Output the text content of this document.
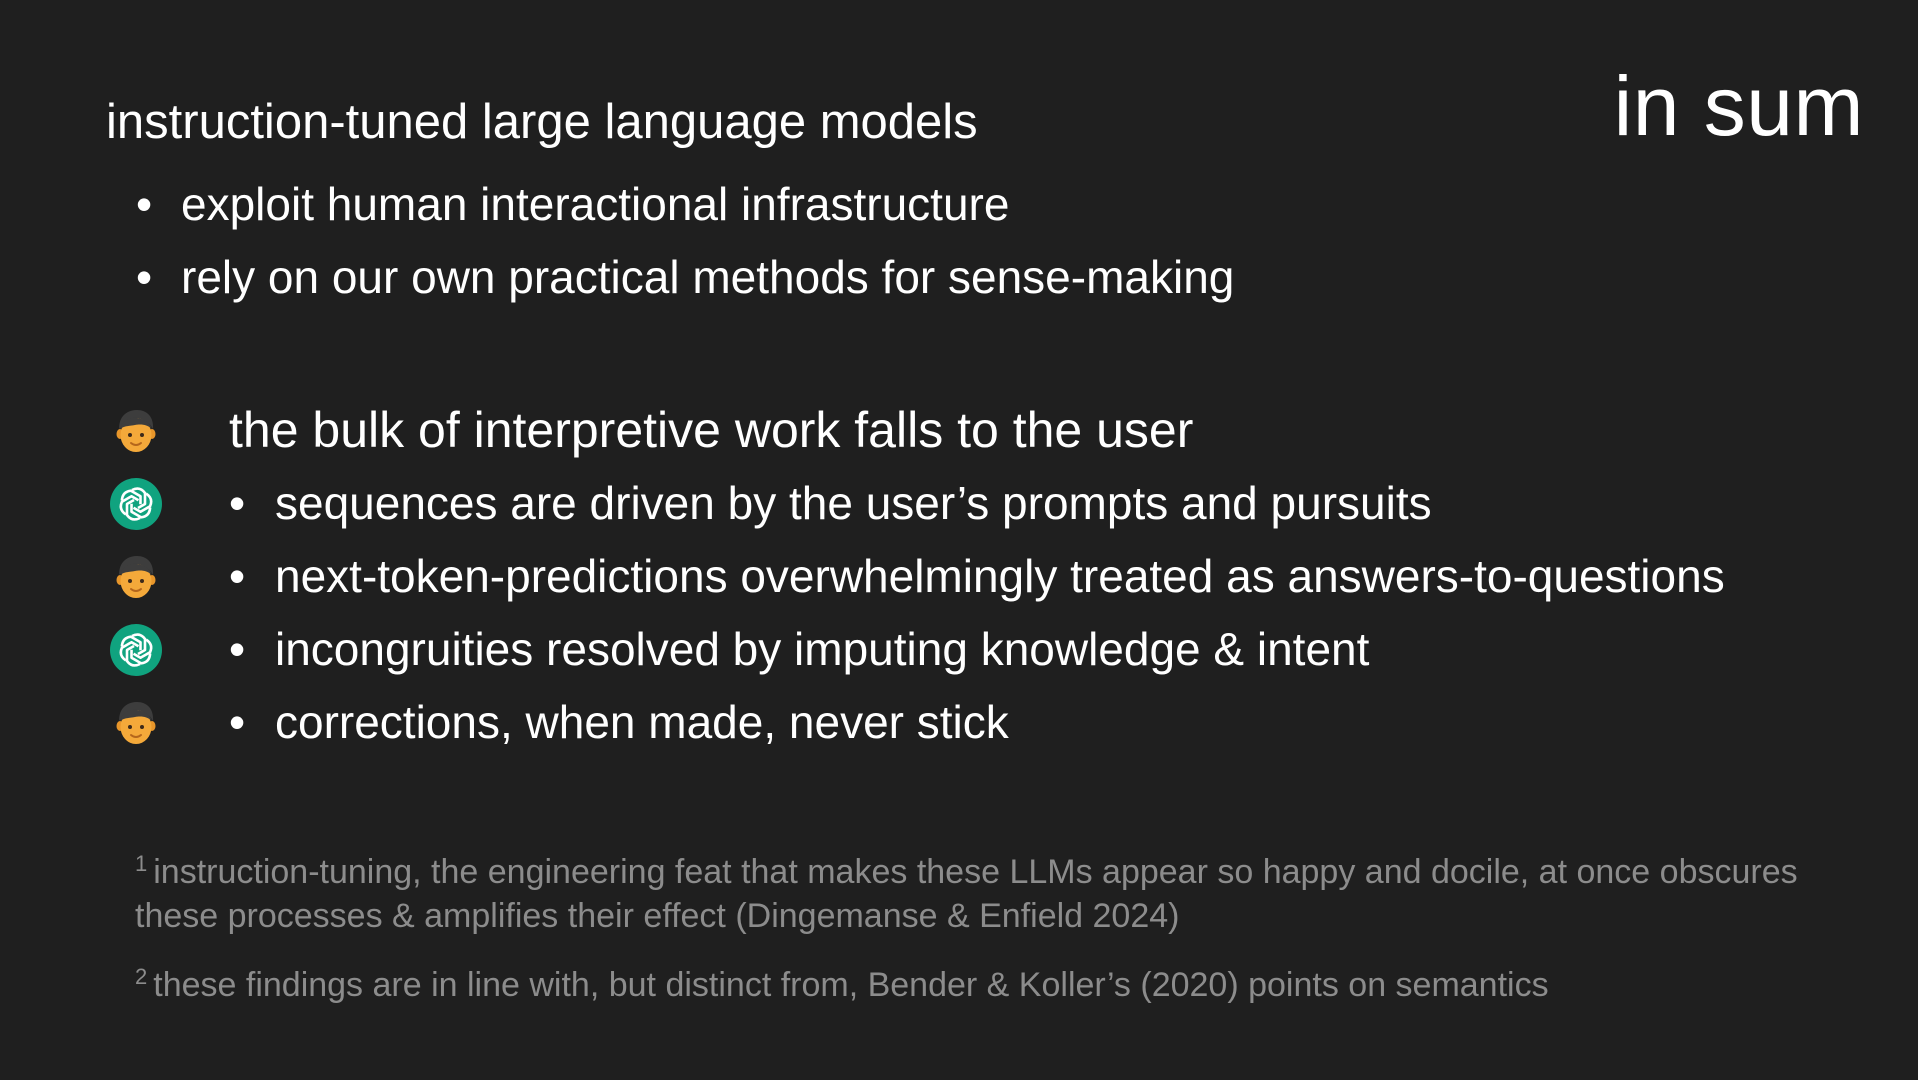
in sum
instruction-tuned large language models
• exploit human interactional infrastructure
• rely on our own practical methods for sense-making
the bulk of interpretive work falls to the user
• sequences are driven by the user’s prompts and pursuits
• next-token-predictions overwhelmingly treated as answers-to-questions
• incongruities resolved by imputing knowledge & intent
• corrections, when made, never stick

$^1$ instruction-tuning, the engineering feat that makes these LLMs appear so happy and docile, at once obscures these processes & amplifies their effect (Dingemanse & Enfield 2024)

$^2$ these findings are in line with, but distinct from, Bender & Koller’s (2020) points on semantics
